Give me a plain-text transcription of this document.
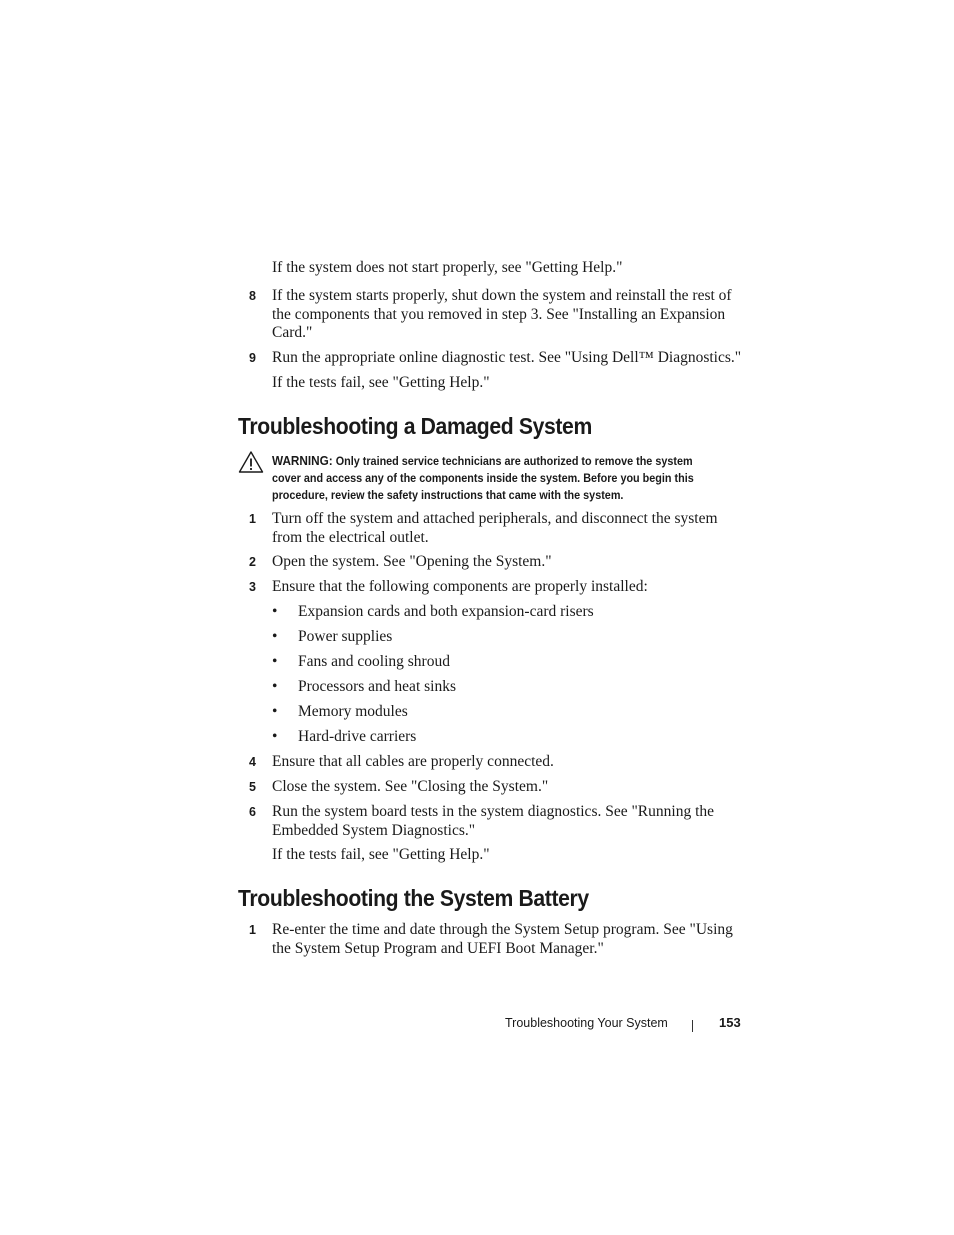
If the system does not start properly, see "Getting Help."
8 If the system starts properly, shut down the system and reinstall the rest of the components that you removed in step 3. See "Installing an Expansion Card."
9 Run the appropriate online diagnostic test. See "Using Dell™ Diagnostics."
If the tests fail, see "Getting Help."
Troubleshooting a Damaged System
WARNING: Only trained service technicians are authorized to remove the system cover and access any of the components inside the system. Before you begin this procedure, review the safety instructions that came with the system.
1 Turn off the system and attached peripherals, and disconnect the system from the electrical outlet.
2 Open the system. See "Opening the System."
3 Ensure that the following components are properly installed:
• Expansion cards and both expansion-card risers
• Power supplies
• Fans and cooling shroud
• Processors and heat sinks
• Memory modules
• Hard-drive carriers
4 Ensure that all cables are properly connected.
5 Close the system. See "Closing the System."
6 Run the system board tests in the system diagnostics. See "Running the Embedded System Diagnostics."
If the tests fail, see "Getting Help."
Troubleshooting the System Battery
1 Re-enter the time and date through the System Setup program. See "Using the System Setup Program and UEFI Boot Manager."
Troubleshooting Your System	153
